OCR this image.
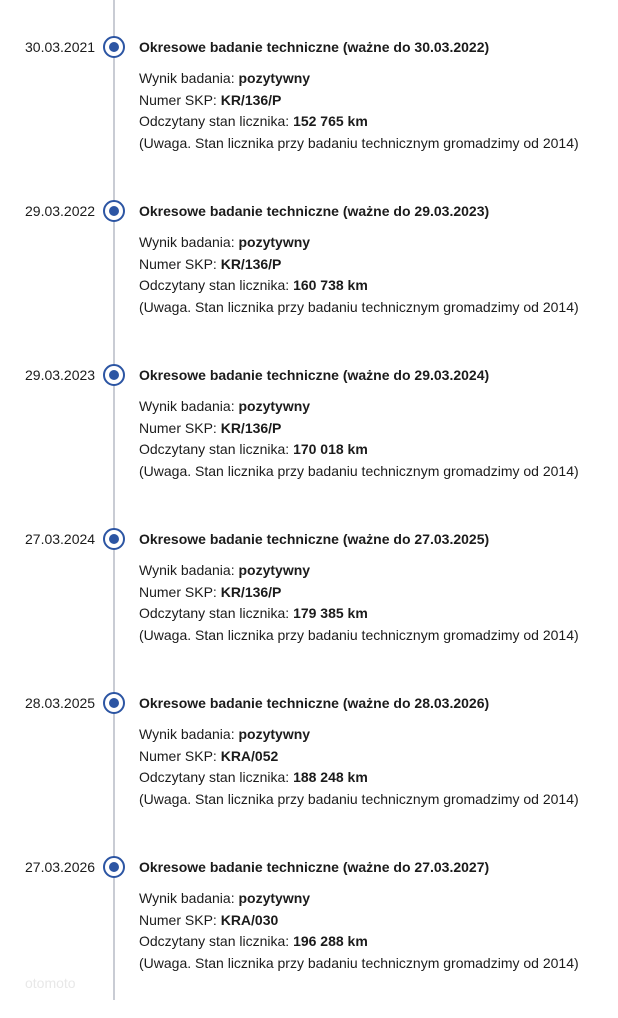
30.03.2021	Okresowe badanie techniczne (ważne do 30.03.2022)
Wynik badania: pozytywny
Numer SKP: KR/136/P
Odczytany stan licznika: 152 765 km
(Uwaga. Stan licznika przy badaniu technicznym gromadzimy od 2014)
29.03.2022	Okresowe badanie techniczne (ważne do 29.03.2023)
Wynik badania: pozytywny
Numer SKP: KR/136/P
Odczytany stan licznika: 160 738 km
(Uwaga. Stan licznika przy badaniu technicznym gromadzimy od 2014)
29.03.2023	Okresowe badanie techniczne (ważne do 29.03.2024)
Wynik badania: pozytywny
Numer SKP: KR/136/P
Odczytany stan licznika: 170 018 km
(Uwaga. Stan licznika przy badaniu technicznym gromadzimy od 2014)
27.03.2024	Okresowe badanie techniczne (ważne do 27.03.2025)
Wynik badania: pozytywny
Numer SKP: KR/136/P
Odczytany stan licznika: 179 385 km
(Uwaga. Stan licznika przy badaniu technicznym gromadzimy od 2014)
28.03.2025	Okresowe badanie techniczne (ważne do 28.03.2026)
Wynik badania: pozytywny
Numer SKP: KRA/052
Odczytany stan licznika: 188 248 km
(Uwaga. Stan licznika przy badaniu technicznym gromadzimy od 2014)
27.03.2026	Okresowe badanie techniczne (ważne do 27.03.2027)
Wynik badania: pozytywny
Numer SKP: KRA/030
Odczytany stan licznika: 196 288 km
(Uwaga. Stan licznika przy badaniu technicznym gromadzimy od 2014)
otomoto
